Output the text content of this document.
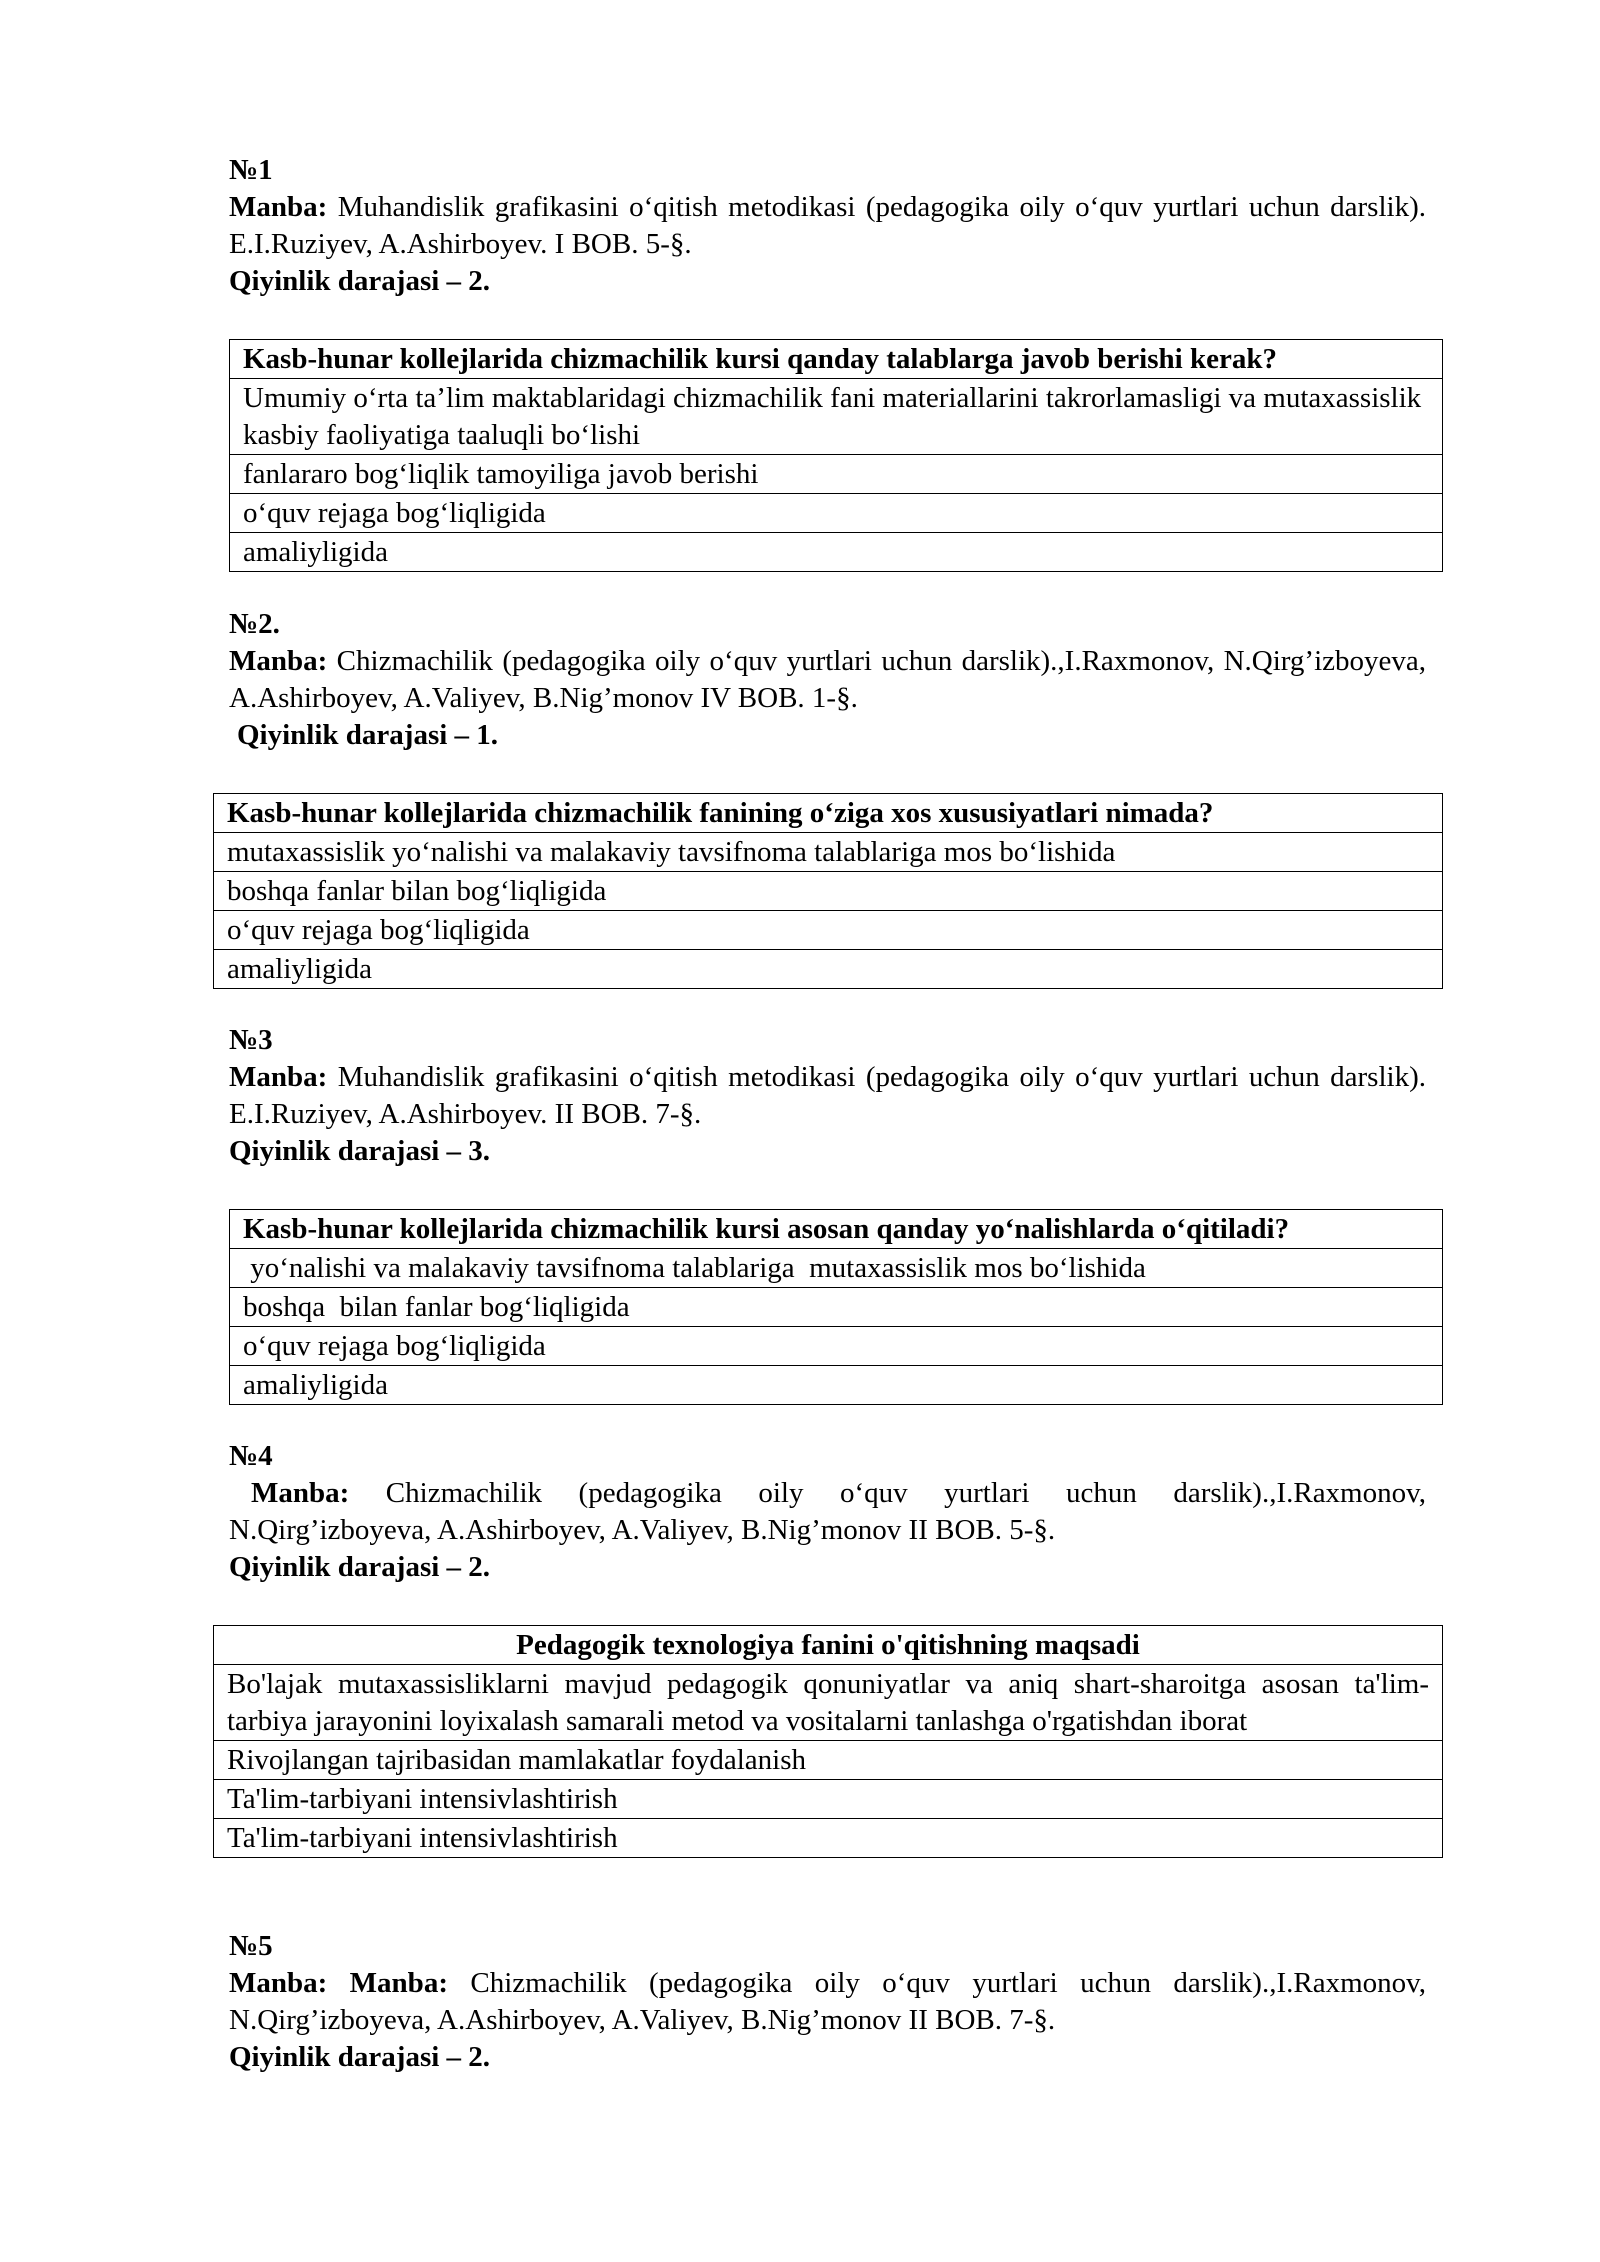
№1
Manba: Muhandislik grafikasini o‘qitish metodikasi (pedagogika oily o‘quv yurtlari uchun darslik). E.I.Ruziyev, A.Ashirboyev. I BOB. 5-§.
Qiyinlik darajasi – 2.
Kasb-hunar kollejlarida chizmachilik kursi qanday talablarga javob berishi kerak?
Umumiy o‘rta ta’lim maktablaridagi chizmachilik fani materiallarini takrorlamasligi va mutaxassislik kasbiy faoliyatiga taaluqli bo‘lishi
fanlararo bog‘liqlik tamoyiliga javob berishi
o‘quv rejaga bog‘liqligida
amaliyligida
№2.
Manba: Chizmachilik (pedagogika oily o‘quv yurtlari uchun darslik).,I.Raxmonov, N.Qirg’izboyeva, A.Ashirboyev, A.Valiyev, B.Nig’monov IV BOB. 1-§.
Qiyinlik darajasi – 1.
Kasb-hunar kollejlarida chizmachilik fanining o‘ziga xos xususiyatlari nimada?
mutaxassislik yo‘nalishi va malakaviy tavsifnoma talablariga mos bo‘lishida
boshqa fanlar bilan bog‘liqligida
o‘quv rejaga bog‘liqligida
amaliyligida
№3
Manba: Muhandislik grafikasini o‘qitish metodikasi (pedagogika oily o‘quv yurtlari uchun darslik). E.I.Ruziyev, A.Ashirboyev. II BOB. 7-§.
Qiyinlik darajasi – 3.
Kasb-hunar kollejlarida chizmachilik kursi asosan qanday yo‘nalishlarda o‘qitiladi?
yo‘nalishi va malakaviy tavsifnoma talablariga  mutaxassislik mos bo‘lishida
boshqa  bilan fanlar bog‘liqligida
o‘quv rejaga bog‘liqligida
amaliyligida
№4
Manba: Chizmachilik (pedagogika oily o‘quv yurtlari uchun darslik).,I.Raxmonov, N.Qirg’izboyeva, A.Ashirboyev, A.Valiyev, B.Nig’monov II BOB. 5-§.
Qiyinlik darajasi – 2.
Pedagogik texnologiya fanini o'qitishning maqsadi
Bo'lajak mutaxassisliklarni mavjud pedagogik qonuniyatlar va aniq shart-sharoitga asosan ta'lim-tarbiya jarayonini loyixalash samarali metod va vositalarni tanlashga o'rgatishdan iborat
Rivojlangan tajribasidan mamlakatlar foydalanish
Ta'lim-tarbiyani intensivlashtirish
Ta'lim-tarbiyani intensivlashtirish
№5
Manba: Manba: Chizmachilik (pedagogika oily o‘quv yurtlari uchun darslik).,I.Raxmonov, N.Qirg’izboyeva, A.Ashirboyev, A.Valiyev, B.Nig’monov II BOB. 7-§.
Qiyinlik darajasi – 2.
